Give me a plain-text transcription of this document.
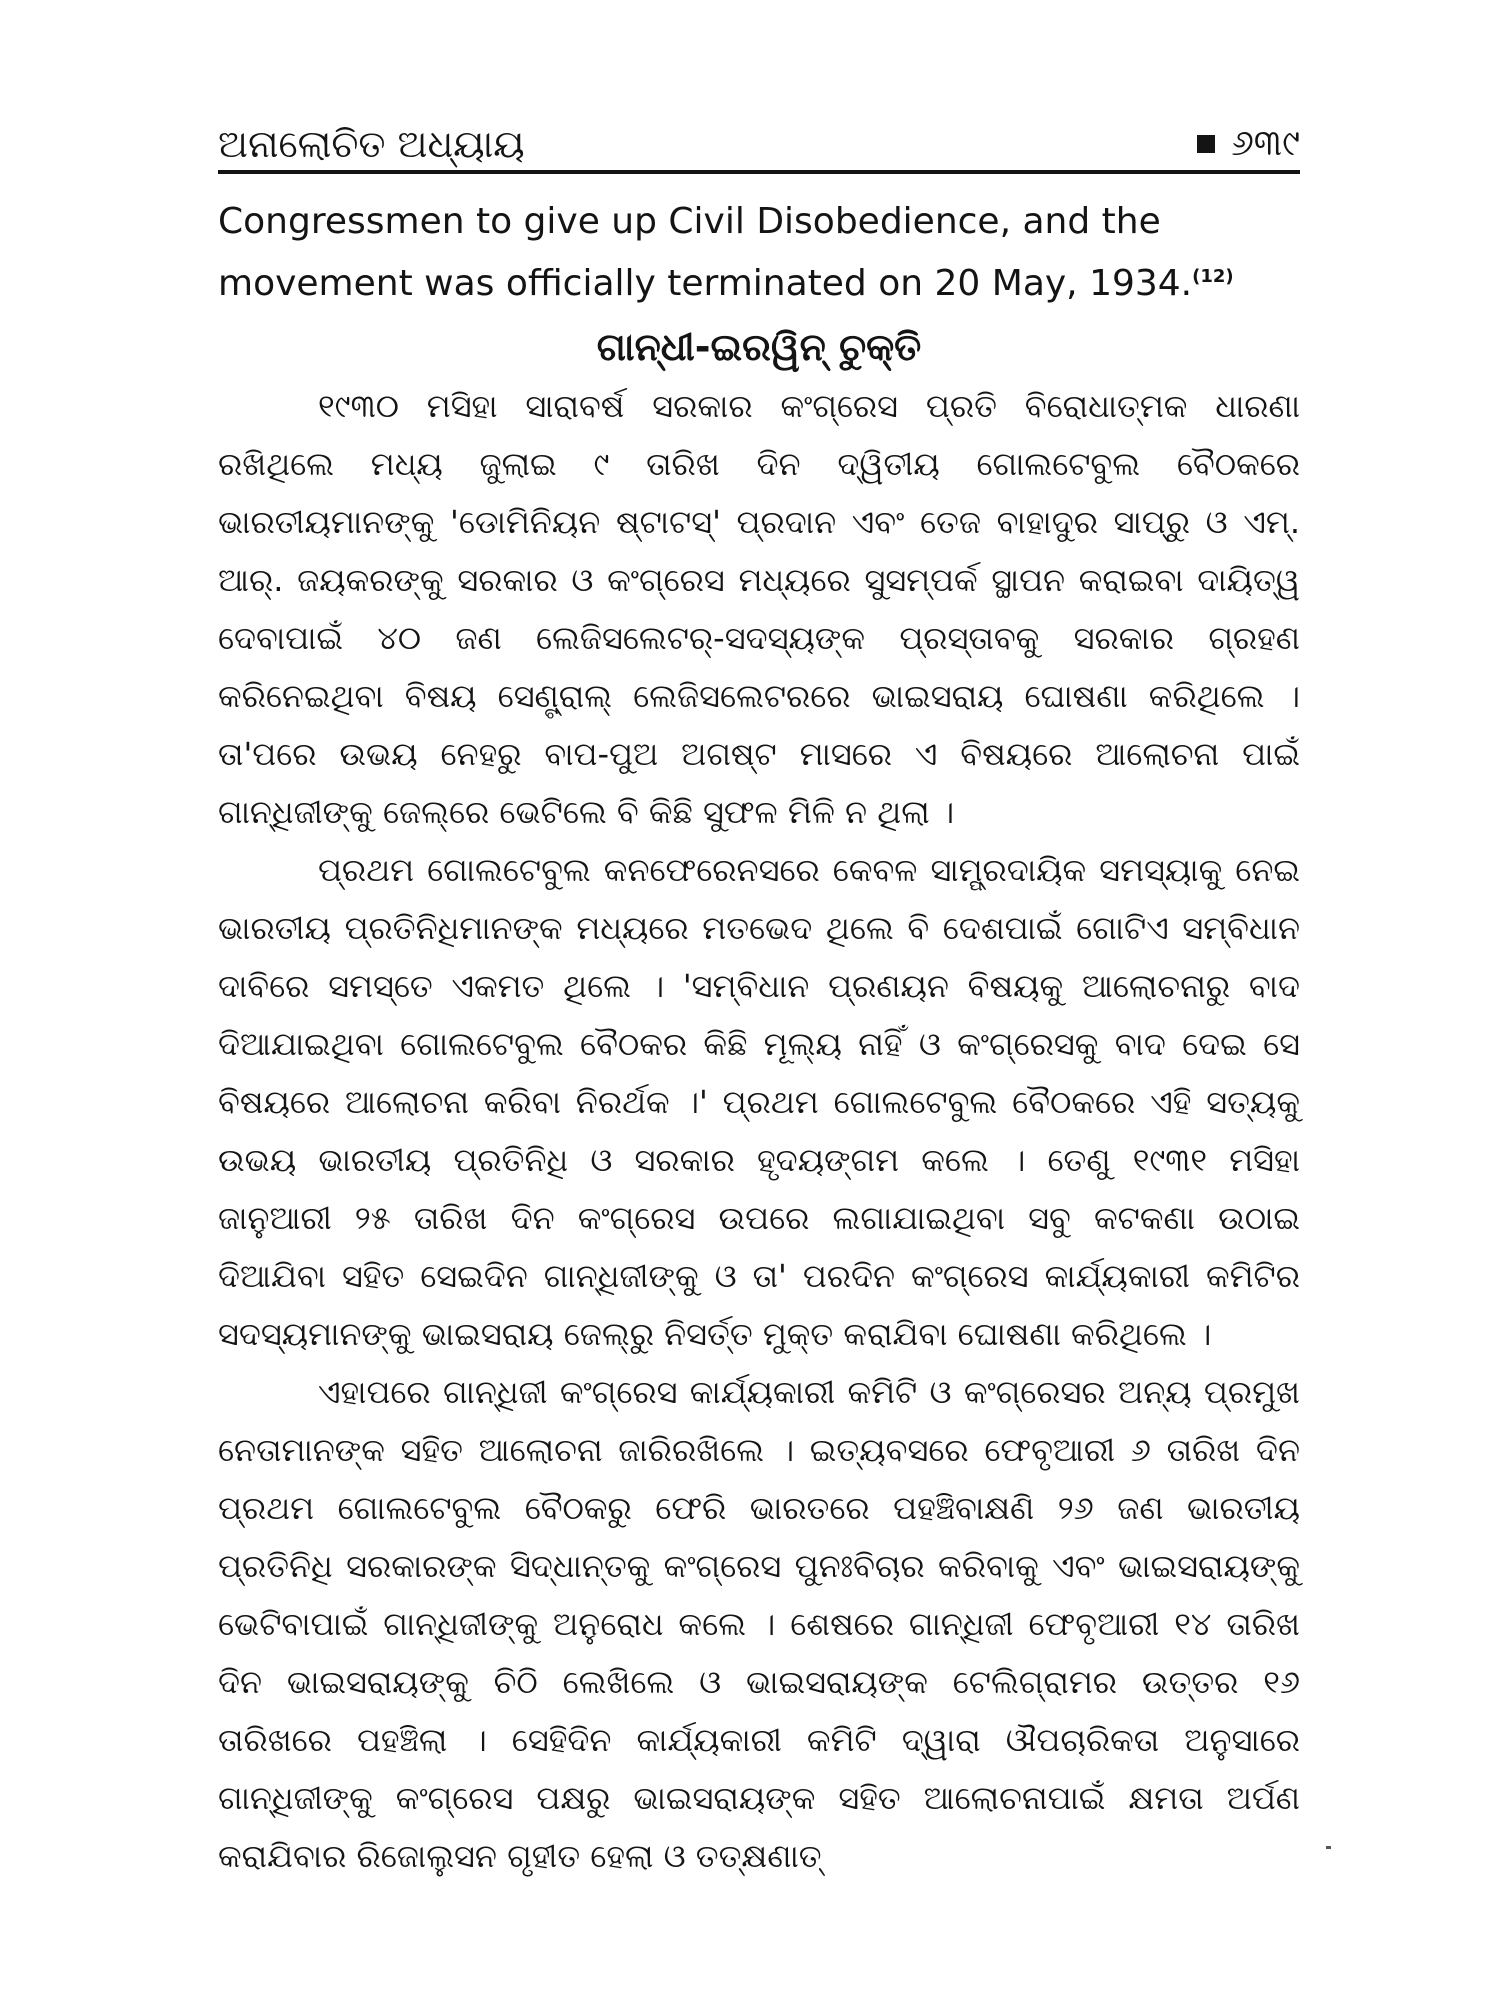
ଅନାଲୋଚିତ ଅଧ୍ୟାୟ	୬୩୯
Congressmen to give up Civil Disobedience, and the movement was officially terminated on 20 May, 1934.$^{(12)}$
ଗାନ୍ଧୀ-ଇରୱିନ୍ ଚୁକ୍ତି

୧୯୩୦ ମସିହା ସାରାବର୍ଷ ସରକାର କଂଗ୍ରେସ ପ୍ରତି ବିରୋଧାତ୍ମକ ଧାରଣା ରଖିଥିଲେ ମଧ୍ୟ ଜୁଲାଇ ୯ ତାରିଖ ଦିନ ଦ୍ୱିତୀୟ ଗୋଲଟେବୁଲ ବୈଠକରେ ଭାରତୀୟମାନଙ୍କୁ 'ଡୋମିନିୟନ ଷ୍ଟାଟସ୍' ପ୍ରଦାନ ଏବଂ ତେଜ ବାହାଦୁର ସାପ୍ରୁ ଓ ଏମ୍. ଆର୍. ଜୟକରଙ୍କୁ ସରକାର ଓ କଂଗ୍ରେସ ମଧ୍ୟରେ ସୁସମ୍ପର୍କ ସ୍ଥାପନ କରାଇବା ଦାୟିତ୍ୱ ଦେବାପାଇଁ ୪୦ ଜଣ ଲେଜିସଲେଟର୍-ସଦସ୍ୟଙ୍କ ପ୍ରସ୍ତାବକୁ ସରକାର ଗ୍ରହଣ କରିନେଇଥିବା ବିଷୟ ସେଣ୍ଟ୍ରାଲ୍ ଲେଜିସଲେଟରରେ ଭାଇସରାୟ ଘୋଷଣା କରିଥିଲେ । ତା'ପରେ ଉଭୟ ନେହରୁ ବାପ-ପୁଅ ଅଗଷ୍ଟ ମାସରେ ଏ ବିଷୟରେ ଆଲୋଚନା ପାଇଁ ଗାନ୍ଧିଜୀଙ୍କୁ ଜେଲ୍‌ରେ ଭେଟିଲେ ବି କିଛି ସୁଫଳ ମିଳି ନ ଥିଲା ।

ପ୍ରଥମ ଗୋଲଟେବୁଲ କନଫେରେନସରେ କେବଳ ସାମ୍ପ୍ରଦାୟିକ ସମସ୍ୟାକୁ ନେଇ ଭାରତୀୟ ପ୍ରତିନିଧିମାନଙ୍କ ମଧ୍ୟରେ ମତଭେଦ ଥିଲେ ବି ଦେଶପାଇଁ ଗୋଟିଏ ସମ୍ବିଧାନ ଦାବିରେ ସମସ୍ତେ ଏକମତ ଥିଲେ । 'ସମ୍ବିଧାନ ପ୍ରଣୟନ ବିଷୟକୁ ଆଲୋଚନାରୁ ବାଦ ଦିଆଯାଇଥିବା ଗୋଲଟେବୁଲ ବୈଠକର କିଛି ମୂଲ୍ୟ ନାହିଁ ଓ କଂଗ୍ରେସକୁ ବାଦ ଦେଇ ସେ ବିଷୟରେ ଆଲୋଚନା କରିବା ନିରର୍ଥକ ।' ପ୍ରଥମ ଗୋଲଟେବୁଲ ବୈଠକରେ ଏହି ସତ୍ୟକୁ ଉଭୟ ଭାରତୀୟ ପ୍ରତିନିଧି ଓ ସରକାର ହୃଦୟଙ୍ଗମ କଲେ । ତେଣୁ ୧୯୩୧ ମସିହା ଜାନୁଆରୀ ୨୫ ତାରିଖ ଦିନ କଂଗ୍ରେସ ଉପରେ ଲଗାଯାଇଥିବା ସବୁ କଟକଣା ଉଠାଇ ଦିଆଯିବା ସହିତ ସେଇଦିନ ଗାନ୍ଧିଜୀଙ୍କୁ ଓ ତା' ପରଦିନ କଂଗ୍ରେସ କାର୍ଯ୍ୟକାରୀ କମିଟିର ସଦସ୍ୟମାନଙ୍କୁ ଭାଇସରାୟ ଜେଲ୍‌ରୁ ନିସର୍ତ୍ତ ମୁକ୍ତ କରାଯିବା ଘୋଷଣା କରିଥିଲେ ।

ଏହାପରେ ଗାନ୍ଧିଜୀ କଂଗ୍ରେସ କାର୍ଯ୍ୟକାରୀ କମିଟି ଓ କଂଗ୍ରେସର ଅନ୍ୟ ପ୍ରମୁଖ ନେତାମାନଙ୍କ ସହିତ ଆଲୋଚନା ଜାରିରଖିଲେ । ଇତ୍ୟବସରେ ଫେବୃଆରୀ ୬ ତାରିଖ ଦିନ ପ୍ରଥମ ଗୋଲଟେବୁଲ ବୈଠକରୁ ଫେରି ଭାରତରେ ପହଞ୍ଚିବାକ୍ଷଣି ୨୬ ଜଣ ଭାରତୀୟ ପ୍ରତିନିଧି ସରକାରଙ୍କ ସିଦ୍ଧାନ୍ତକୁ କଂଗ୍ରେସ ପୁନଃବିଚାର କରିବାକୁ ଏବଂ ଭାଇସରାୟଙ୍କୁ ଭେଟିବାପାଇଁ ଗାନ୍ଧିଜୀଙ୍କୁ ଅନୁରୋଧ କଲେ । ଶେଷରେ ଗାନ୍ଧିଜୀ ଫେବୃଆରୀ ୧୪ ତାରିଖ ଦିନ ଭାଇସରାୟଙ୍କୁ ଚିଠି ଲେଖିଲେ ଓ ଭାଇସରାୟଙ୍କ ଟେଲିଗ୍ରାମର ଉତ୍ତର ୧୬ ତାରିଖରେ ପହଞ୍ଚିଲା । ସେହିଦିନ କାର୍ଯ୍ୟକାରୀ କମିଟି ଦ୍ୱାରା ଔପଚାରିକତା ଅନୁସାରେ ଗାନ୍ଧିଜୀଙ୍କୁ କଂଗ୍ରେସ ପକ୍ଷରୁ ଭାଇସରାୟଙ୍କ ସହିତ ଆଲୋଚନାପାଇଁ କ୍ଷମତା ଅର୍ପଣ କରାଯିବାର ରିଜୋଲୁସନ ଗୃହୀତ ହେଲା ଓ ତତ୍କ୍ଷଣାତ୍
